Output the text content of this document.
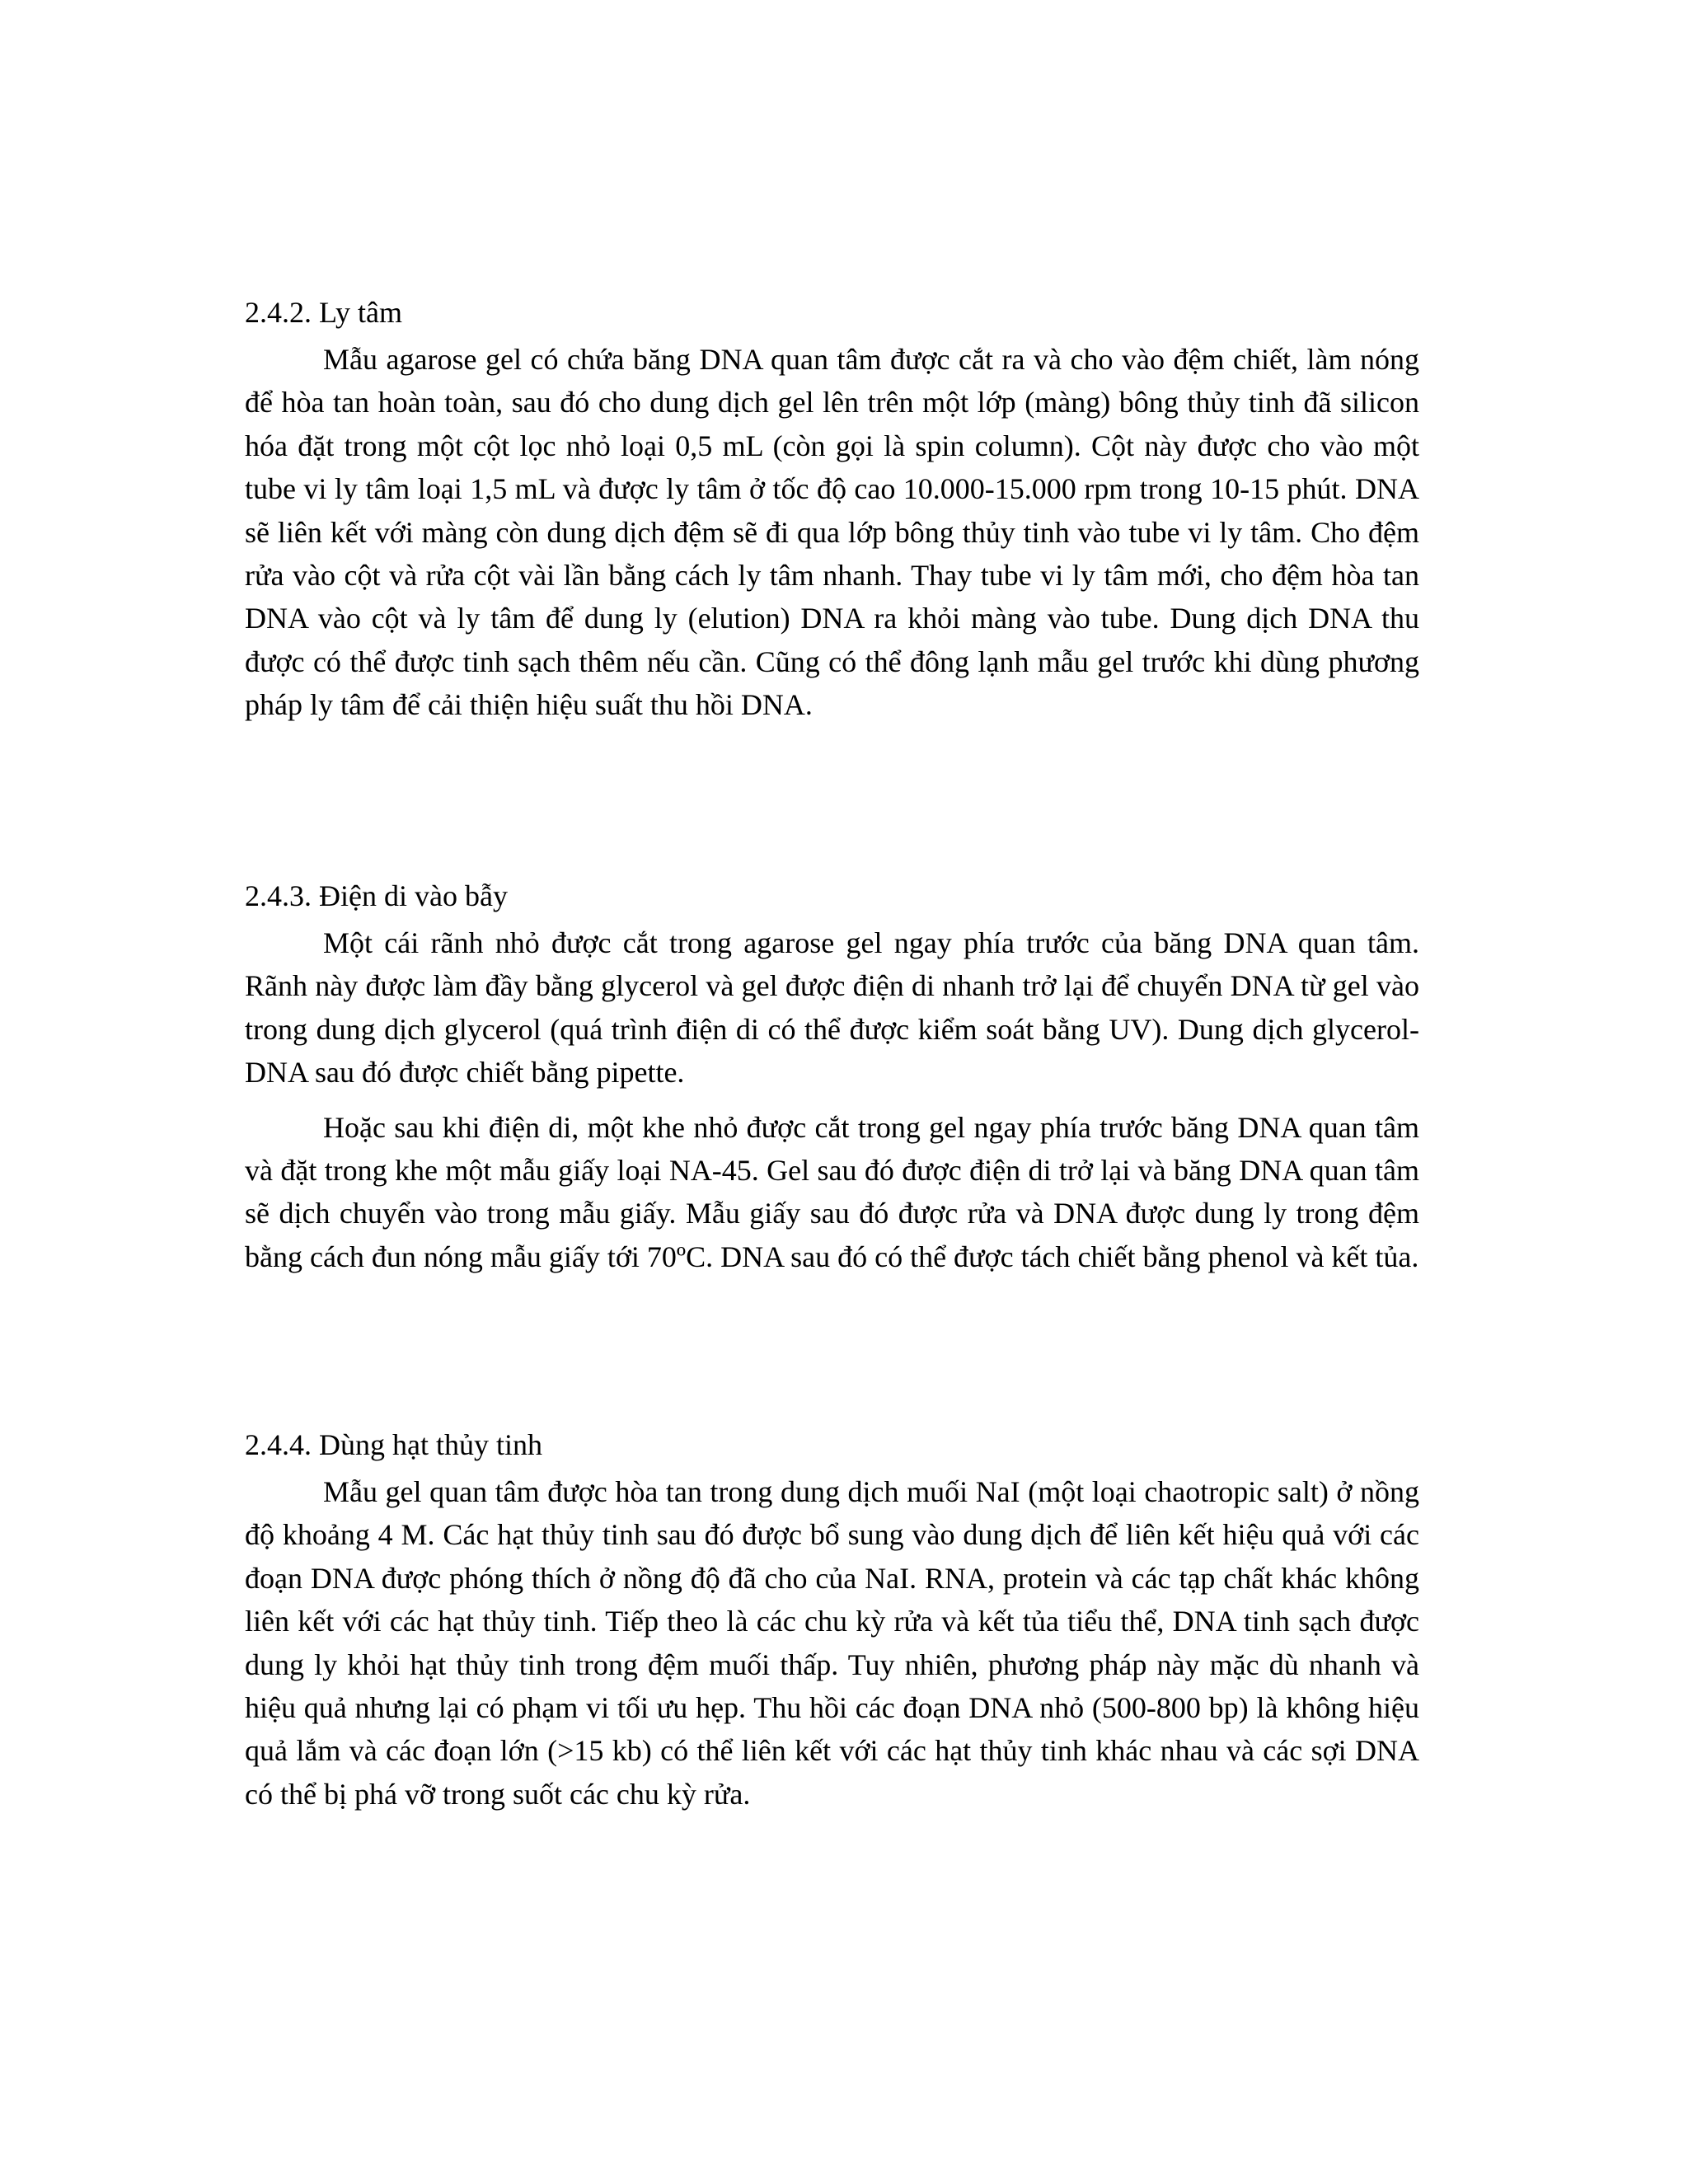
2.4.2. Ly tâm

Mẫu agarose gel có chứa băng DNA quan tâm được cắt ra và cho vào đệm chiết, làm nóng để hòa tan hoàn toàn, sau đó cho dung dịch gel lên trên một lớp (màng) bông thủy tinh đã silicon hóa đặt trong một cột lọc nhỏ loại 0,5 mL (còn gọi là spin column). Cột này được cho vào một tube vi ly tâm loại 1,5 mL và được ly tâm ở tốc độ cao 10.000-15.000 rpm trong 10-15 phút. DNA sẽ liên kết với màng còn dung dịch đệm sẽ đi qua lớp bông thủy tinh vào tube vi ly tâm. Cho đệm rửa vào cột và rửa cột vài lần bằng cách ly tâm nhanh. Thay tube vi ly tâm mới, cho đệm hòa tan DNA vào cột và ly tâm để dung ly (elution) DNA ra khỏi màng vào tube. Dung dịch DNA thu được có thể được tinh sạch thêm nếu cần. Cũng có thể đông lạnh mẫu gel trước khi dùng phương pháp ly tâm để cải thiện hiệu suất thu hồi DNA.

2.4.3. Điện di vào bẫy

Một cái rãnh nhỏ được cắt trong agarose gel ngay phía trước của băng DNA quan tâm. Rãnh này được làm đầy bằng glycerol và gel được điện di nhanh trở lại để chuyển DNA từ gel vào trong dung dịch glycerol (quá trình điện di có thể được kiểm soát bằng UV). Dung dịch glycerol-DNA sau đó được chiết bằng pipette.

Hoặc sau khi điện di, một khe nhỏ được cắt trong gel ngay phía trước băng DNA quan tâm và đặt trong khe một mẫu giấy loại NA-45. Gel sau đó được điện di trở lại và băng DNA quan tâm sẽ dịch chuyển vào trong mẫu giấy. Mẫu giấy sau đó được rửa và DNA được dung ly trong đệm bằng cách đun nóng mẫu giấy tới 70ºC. DNA sau đó có thể được tách chiết bằng phenol và kết tủa.

2.4.4. Dùng hạt thủy tinh

Mẫu gel quan tâm được hòa tan trong dung dịch muối NaI (một loại chaotropic salt) ở nồng độ khoảng 4 M. Các hạt thủy tinh sau đó được bổ sung vào dung dịch để liên kết hiệu quả với các đoạn DNA được phóng thích ở nồng độ đã cho của NaI. RNA, protein và các tạp chất khác không liên kết với các hạt thủy tinh. Tiếp theo là các chu kỳ rửa và kết tủa tiểu thể, DNA tinh sạch được dung ly khỏi hạt thủy tinh trong đệm muối thấp. Tuy nhiên, phương pháp này mặc dù nhanh và hiệu quả nhưng lại có phạm vi tối ưu hẹp. Thu hồi các đoạn DNA nhỏ (500-800 bp) là không hiệu quả lắm và các đoạn lớn (>15 kb) có thể liên kết với các hạt thủy tinh khác nhau và các sợi DNA có thể bị phá vỡ trong suốt các chu kỳ rửa.
